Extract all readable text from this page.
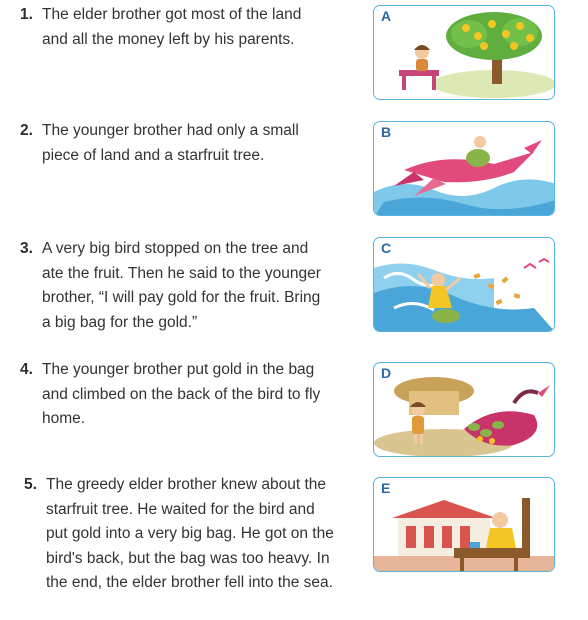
1. The elder brother got most of the land
and all the money left by his parents.
2. The younger brother had only a small
piece of land and a starfruit tree.
3. A very big bird stopped on the tree and
ate the fruit. Then he said to the younger
brother, “I will pay gold for the fruit. Bring
a big bag for the gold.”
4. The younger brother put gold in the bag
and climbed on the back of the bird to fly
home.
5. The greedy elder brother knew about the
starfruit tree. He waited for the bird and
put gold into a very big bag. He got on the
bird's back, but the bag was too heavy. In
the end, the elder brother fell into the sea.
A
B
C
D
E
